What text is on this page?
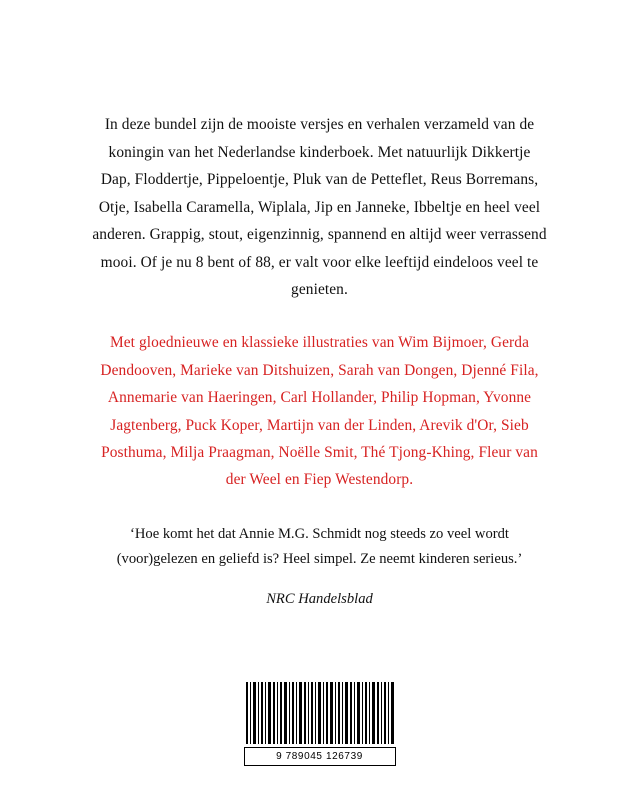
In deze bundel zijn de mooiste versjes en verhalen verzameld van de koningin van het Nederlandse kinderboek. Met natuurlijk Dikkertje Dap, Floddertje, Pippeloentje, Pluk van de Petteflet, Reus Borremans, Otje, Isabella Caramella, Wiplala, Jip en Janneke, Ibbeltje en heel veel anderen. Grappig, stout, eigenzinnig, spannend en altijd weer verrassend mooi. Of je nu 8 bent of 88, er valt voor elke leeftijd eindeloos veel te genieten.

Met gloednieuwe en klassieke illustraties van Wim Bijmoer, Gerda Dendooven, Marieke van Ditshuizen, Sarah van Dongen, Djenné Fila, Annemarie van Haeringen, Carl Hollander, Philip Hopman, Yvonne Jagtenberg, Puck Koper, Martijn van der Linden, Arevik d'Or, Sieb Posthuma, Milja Praagman, Noëlle Smit, Thé Tjong-Khing, Fleur van der Weel en Fiep Westendorp.

‘Hoe komt het dat Annie M.G. Schmidt nog steeds zo veel wordt (voor)gelezen en geliefd is? Heel simpel. Ze neemt kinderen serieus.’

NRC Handelsblad

9 789045 126739
